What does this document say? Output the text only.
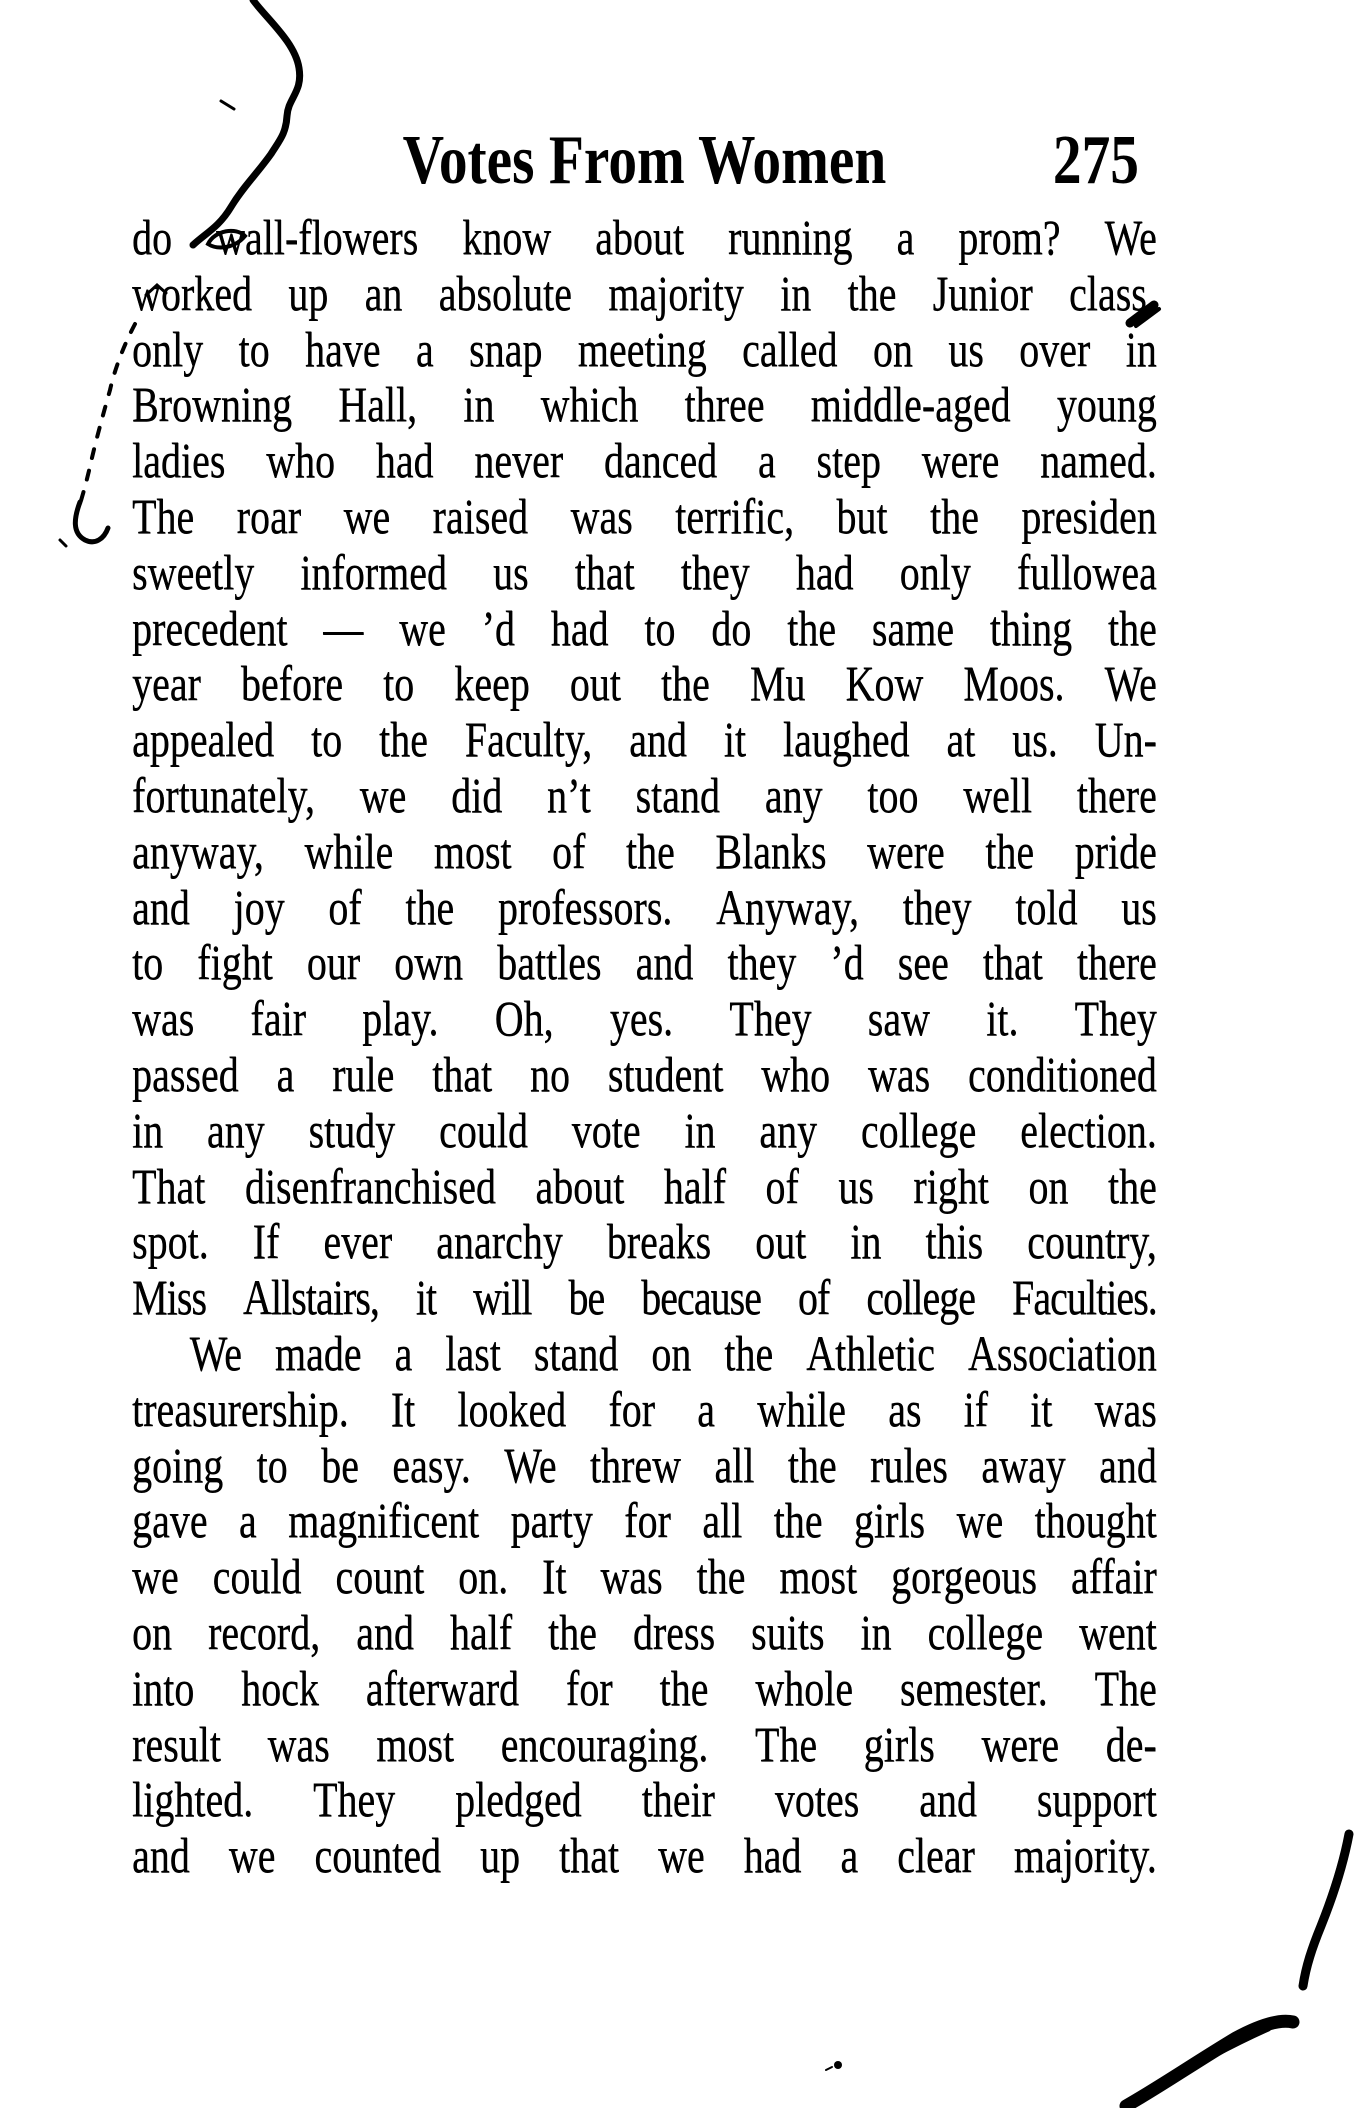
Votes From Women	275
do wall-flowers know about running a prom? We
worked up an absolute majority in the Junior class,
only to have a snap meeting called on us over in
Browning Hall, in which three middle-aged young
ladies who had never danced a step were named.
The roar we raised was terrific, but the presiden
sweetly informed us that they had only fullowea
precedent — we ’d had to do the same thing the
year before to keep out the Mu Kow Moos. We
appealed to the Faculty, and it laughed at us. Un-
fortunately, we did n’t stand any too well there
anyway, while most of the Blanks were the pride
and joy of the professors. Anyway, they told us
to fight our own battles and they ’d see that there
was fair play. Oh, yes. They saw it. They
passed a rule that no student who was conditioned
in any study could vote in any college election.
That disenfranchised about half of us right on the
spot. If ever anarchy breaks out in this country,
Miss Allstairs, it will be because of college Faculties.
We made a last stand on the Athletic Association
treasurership. It looked for a while as if it was
going to be easy. We threw all the rules away and
gave a magnificent party for all the girls we thought
we could count on. It was the most gorgeous affair
on record, and half the dress suits in college went
into hock afterward for the whole semester. The
result was most encouraging. The girls were de-
lighted. They pledged their votes and support
and we counted up that we had a clear majority.
